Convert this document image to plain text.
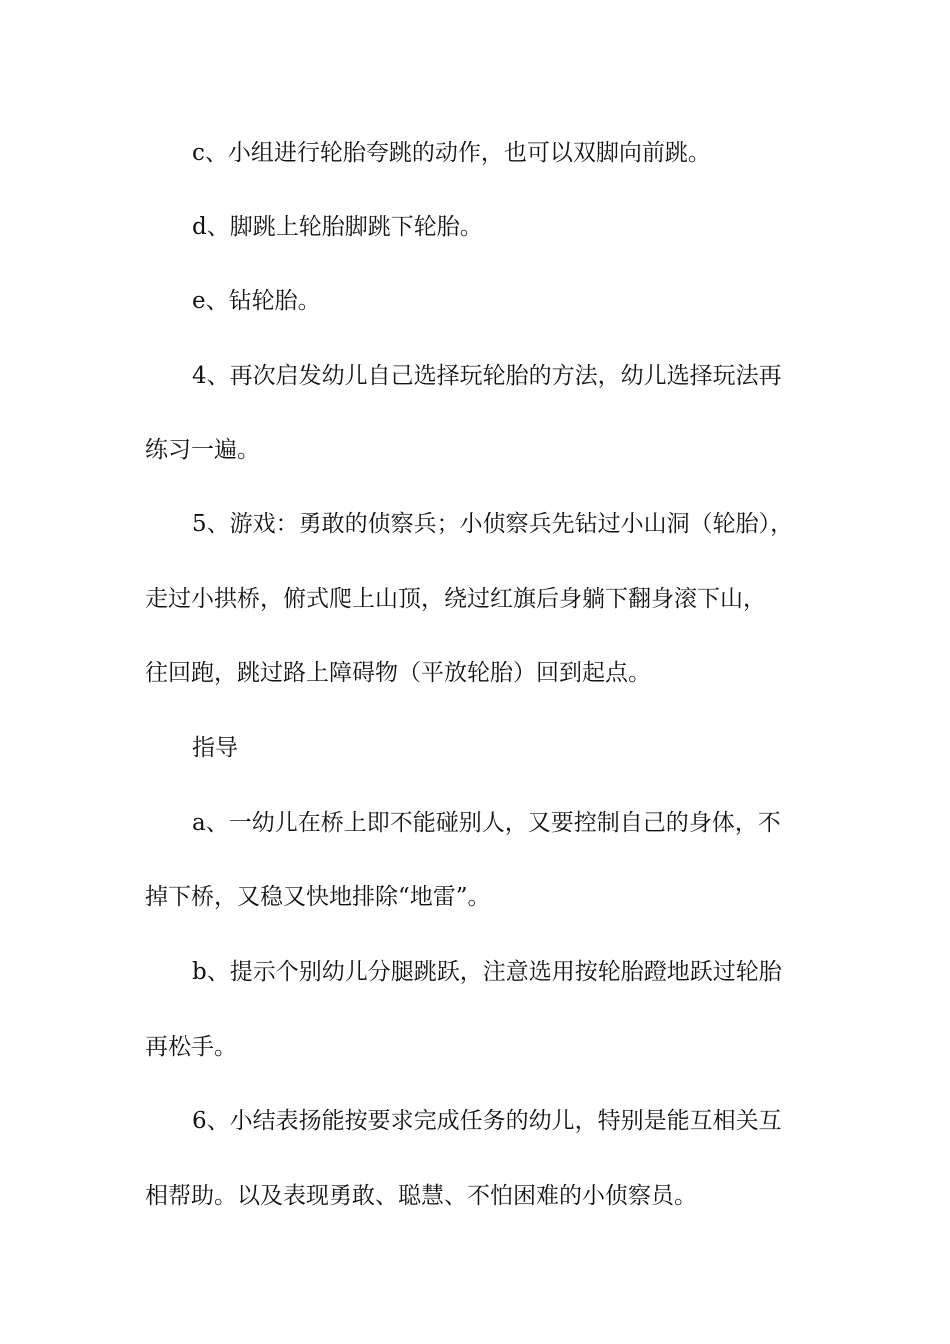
c、小组进行轮胎夸跳的动作，也可以双脚向前跳。
d、脚跳上轮胎脚跳下轮胎。
e、钻轮胎。
4、再次启发幼儿自己选择玩轮胎的方法，幼儿选择玩法再
练习一遍。
5、游戏：勇敢的侦察兵；小侦察兵先钻过小山洞（轮胎），
走过小拱桥，俯式爬上山顶，绕过红旗后身躺下翻身滚下山，
往回跑，跳过路上障碍物（平放轮胎）回到起点。
指导
a、一幼儿在桥上即不能碰别人，又要控制自己的身体，不
掉下桥，又稳又快地排除“地雷”。
b、提示个别幼儿分腿跳跃，注意选用按轮胎蹬地跃过轮胎
再松手。
6、小结表扬能按要求完成任务的幼儿，特别是能互相关互
相帮助。以及表现勇敢、聪慧、不怕困难的小侦察员。
